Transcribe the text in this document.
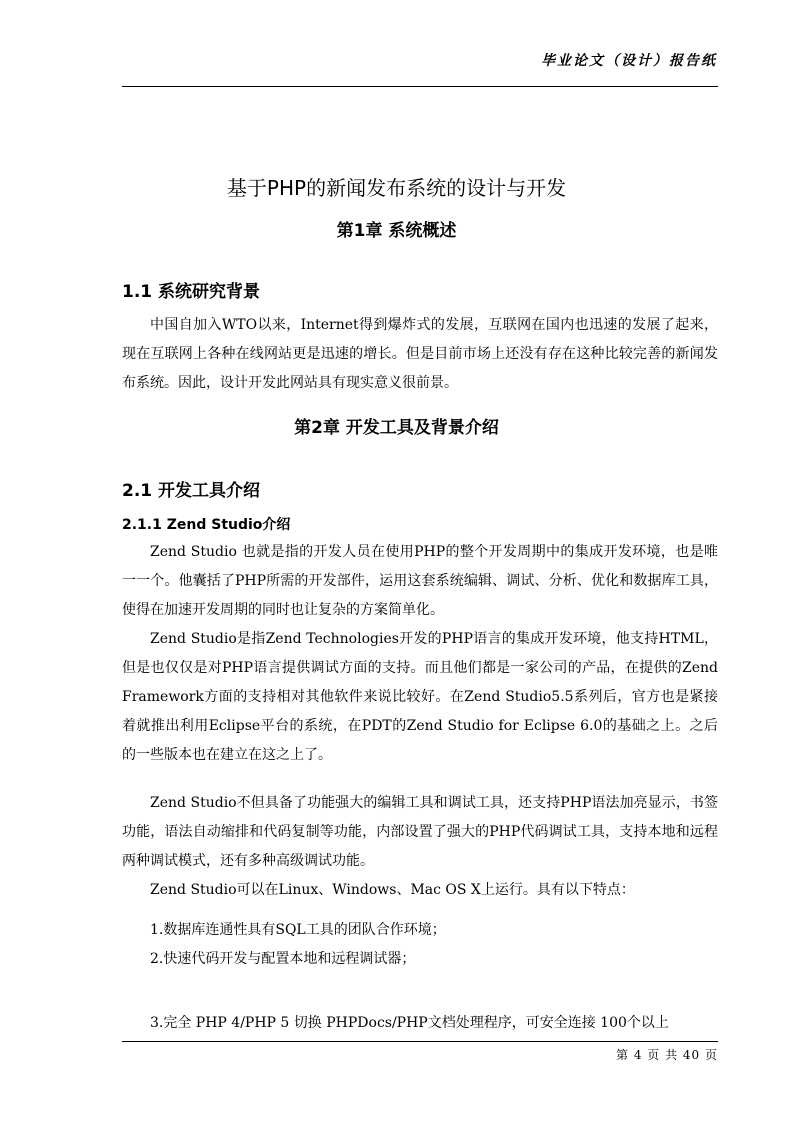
毕业论文（设计）报告纸
基于PHP的新闻发布系统的设计与开发
第1章 系统概述
1.1 系统研究背景
中国自加入WTO以来，Internet得到爆炸式的发展，互联网在国内也迅速的发展了起来，现在互联网上各种在线网站更是迅速的增长。但是目前市场上还没有存在这种比较完善的新闻发布系统。因此，设计开发此网站具有现实意义很前景。
第2章 开发工具及背景介绍
2.1 开发工具介绍
2.1.1 Zend Studio介绍
Zend Studio 也就是指的开发人员在使用PHP的整个开发周期中的集成开发环境，也是唯一一个。他囊括了PHP所需的开发部件，运用这套系统编辑、调试、分析、优化和数据库工具，使得在加速开发周期的同时也让复杂的方案简单化。
Zend Studio是指Zend Technologies开发的PHP语言的集成开发环境，他支持HTML，但是也仅仅是对PHP语言提供调试方面的支持。而且他们都是一家公司的产品，在提供的Zend Framework方面的支持相对其他软件来说比较好。在Zend Studio5.5系列后，官方也是紧接着就推出利用Eclipse平台的系统，在PDT的Zend Studio for Eclipse 6.0的基础之上。之后的一些版本也在建立在这之上了。
Zend Studio不但具备了功能强大的编辑工具和调试工具，还支持PHP语法加亮显示，书签功能，语法自动缩排和代码复制等功能，内部设置了强大的PHP代码调试工具，支持本地和远程两种调试模式，还有多种高级调试功能。
Zend Studio可以在Linux、Windows、Mac OS X上运行。具有以下特点：
1.数据库连通性具有SQL工具的团队合作环境；
2.快速代码开发与配置本地和远程调试器；
3.完全 PHP 4/PHP 5 切换 PHPDocs/PHP文档处理程序，可安全连接 100个以上
第 4 页 共 40 页
